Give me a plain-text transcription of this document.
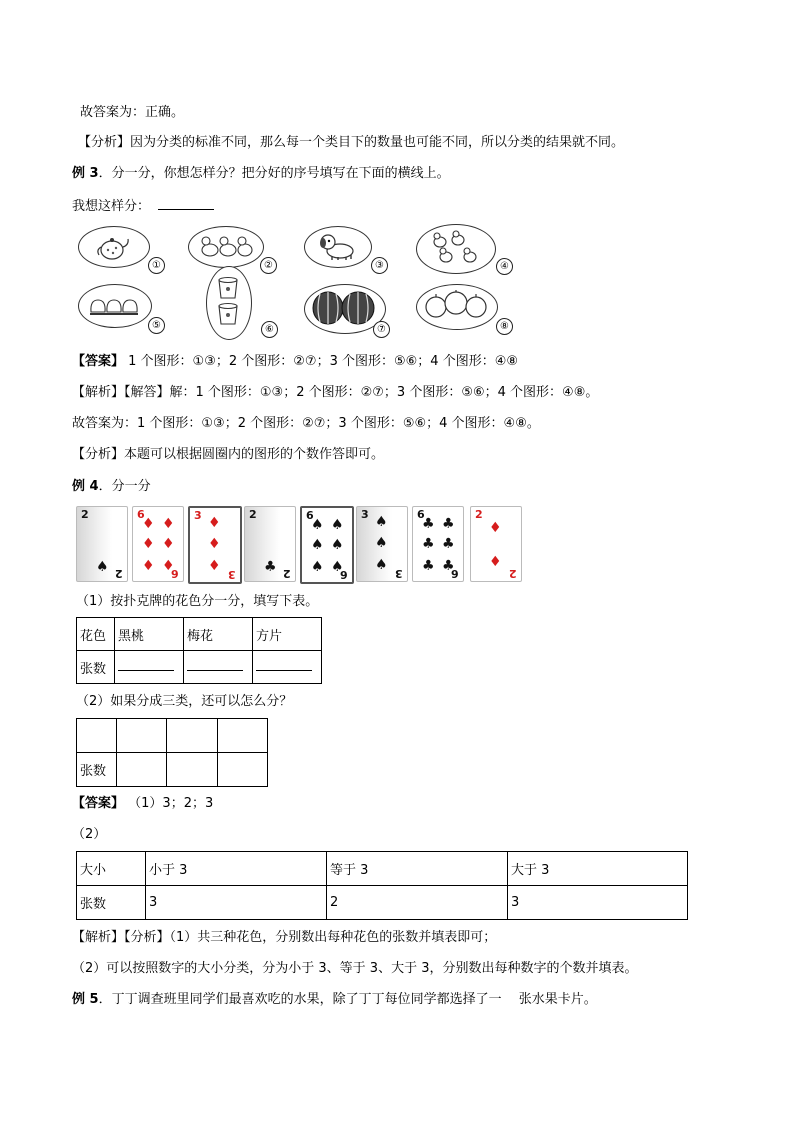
故答案为：正确。
【分析】因为分类的标准不同，那么每一个类目下的数量也可能不同，所以分类的结果就不同。
例 3．分一分，你想怎样分？把分好的序号填写在下面的横线上。
我想这样分：
①	②	③	④
⑤	⑥	⑦	⑧
【答案】 1 个图形：①③；2 个图形：②⑦；3 个图形：⑤⑥；4 个图形：④⑧
【解析】【解答】解：1 个图形：①③；2 个图形：②⑦；3 个图形：⑤⑥；4 个图形：④⑧。
故答案为：1 个图形：①③；2 个图形：②⑦；3 个图形：⑤⑥；4 个图形：④⑧。
【分析】本题可以根据圆圈内的图形的个数作答即可。
例 4．分一分
2
♠ 2
6
♦ ♦
♦ ♦
♦ ♦
6
3 ♦
♦
♦
3
2
♣ 2
6
♠ ♠
♠ ♠
♠ ♠
6
3 ♠
♠
♠
3
6
♣ ♣
♣ ♣
♣ ♣
6
2
♦
♦
2
（1）按扑克牌的花色分一分，填写下表。
花色	黑桃	梅花	方片
张数			
（2）如果分成三类，还可以怎么分？

张数			
【答案】 （1）3；2；3
（2）
大小	小于 3	等于 3	大于 3
张数	3	2	3
【解析】【分析】（1）共三种花色，分别数出每种花色的张数并填表即可；
（2）可以按照数字的大小分类，分为小于 3、等于 3、大于 3，分别数出每种数字的个数并填表。
例 5．丁丁调查班里同学们最喜欢吃的水果，除了丁丁每位同学都选择了一　 张水果卡片。
